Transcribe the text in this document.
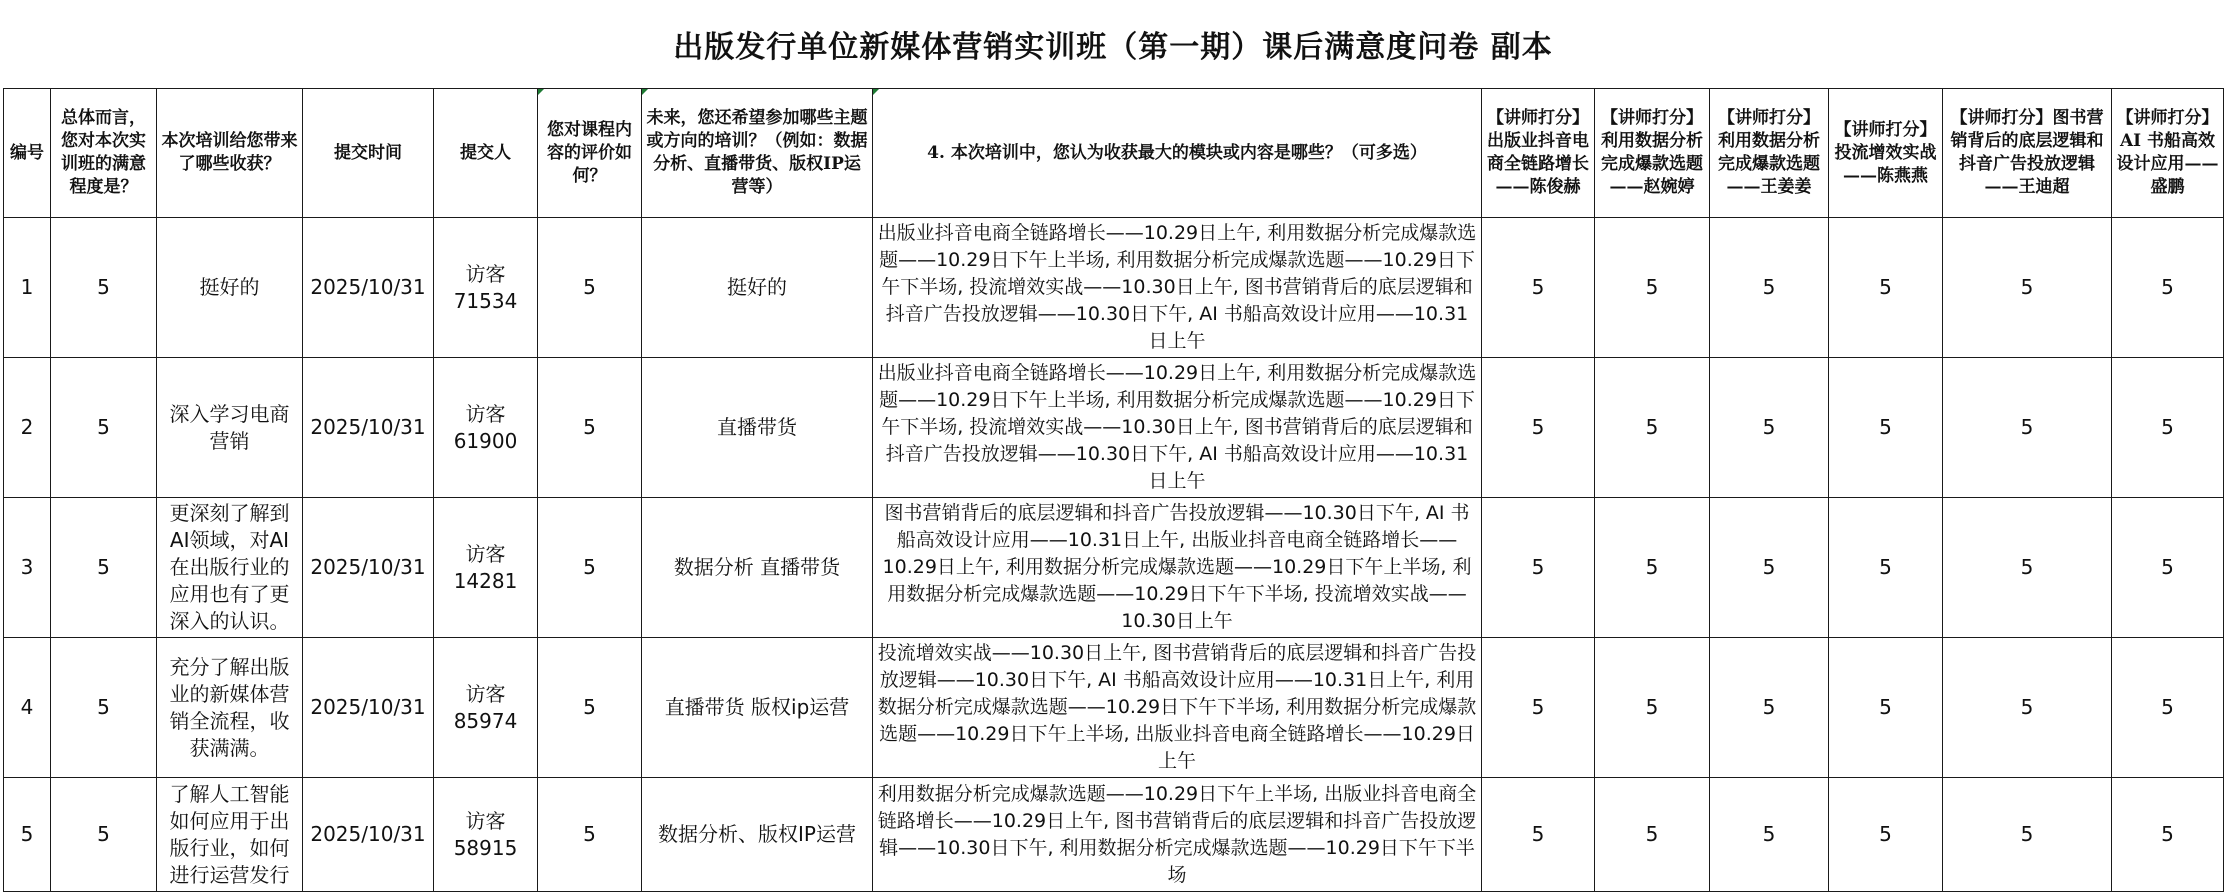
出版发行单位新媒体营销实训班（第一期）课后满意度问卷 副本
编号	总体而言，您对本次实训班的满意程度是？	本次培训给您带来了哪些收获？	提交时间	提交人	您对课程内容的评价如何？	未来，您还希望参加哪些主题或方向的培训？（例如：数据分析、直播带货、版权IP运营等）	4. 本次培训中，您认为收获最大的模块或内容是哪些？（可多选）	【讲师打分】出版业抖音电商全链路增长——陈俊赫	【讲师打分】利用数据分析完成爆款选题——赵婉婷	【讲师打分】利用数据分析完成爆款选题——王姜姜	【讲师打分】投流增效实战——陈燕燕	【讲师打分】图书营销背后的底层逻辑和抖音广告投放逻辑——王迪超	【讲师打分】AI 书船高效设计应用——盛鹏
1	5	挺好的	2025/10/31	访客71534	5	挺好的	出版业抖音电商全链路增长——10.29日上午, 利用数据分析完成爆款选题——10.29日下午上半场, 利用数据分析完成爆款选题——10.29日下午下半场, 投流增效实战——10.30日上午, 图书营销背后的底层逻辑和抖音广告投放逻辑——10.30日下午, AI 书船高效设计应用——10.31日上午	5	5	5	5	5	5
2	5	深入学习电商营销	2025/10/31	访客61900	5	直播带货	出版业抖音电商全链路增长——10.29日上午, 利用数据分析完成爆款选题——10.29日下午上半场, 利用数据分析完成爆款选题——10.29日下午下半场, 投流增效实战——10.30日上午, 图书营销背后的底层逻辑和抖音广告投放逻辑——10.30日下午, AI 书船高效设计应用——10.31日上午	5	5	5	5	5	5
3	5	更深刻了解到AI领域，对AI在出版行业的应用也有了更深入的认识。	2025/10/31	访客14281	5	数据分析 直播带货	图书营销背后的底层逻辑和抖音广告投放逻辑——10.30日下午, AI 书船高效设计应用——10.31日上午, 出版业抖音电商全链路增长——10.29日上午, 利用数据分析完成爆款选题——10.29日下午上半场, 利用数据分析完成爆款选题——10.29日下午下半场, 投流增效实战——10.30日上午	5	5	5	5	5	5
4	5	充分了解出版业的新媒体营销全流程，收获满满。	2025/10/31	访客85974	5	直播带货 版权ip运营	投流增效实战——10.30日上午, 图书营销背后的底层逻辑和抖音广告投放逻辑——10.30日下午, AI 书船高效设计应用——10.31日上午, 利用数据分析完成爆款选题——10.29日下午下半场, 利用数据分析完成爆款选题——10.29日下午上半场, 出版业抖音电商全链路增长——10.29日上午	5	5	5	5	5	5
5	5	了解人工智能如何应用于出版行业，如何进行运营发行	2025/10/31	访客58915	5	数据分析、版权IP运营	利用数据分析完成爆款选题——10.29日下午上半场, 出版业抖音电商全链路增长——10.29日上午, 图书营销背后的底层逻辑和抖音广告投放逻辑——10.30日下午, 利用数据分析完成爆款选题——10.29日下午下半场	5	5	5	5	5	5
